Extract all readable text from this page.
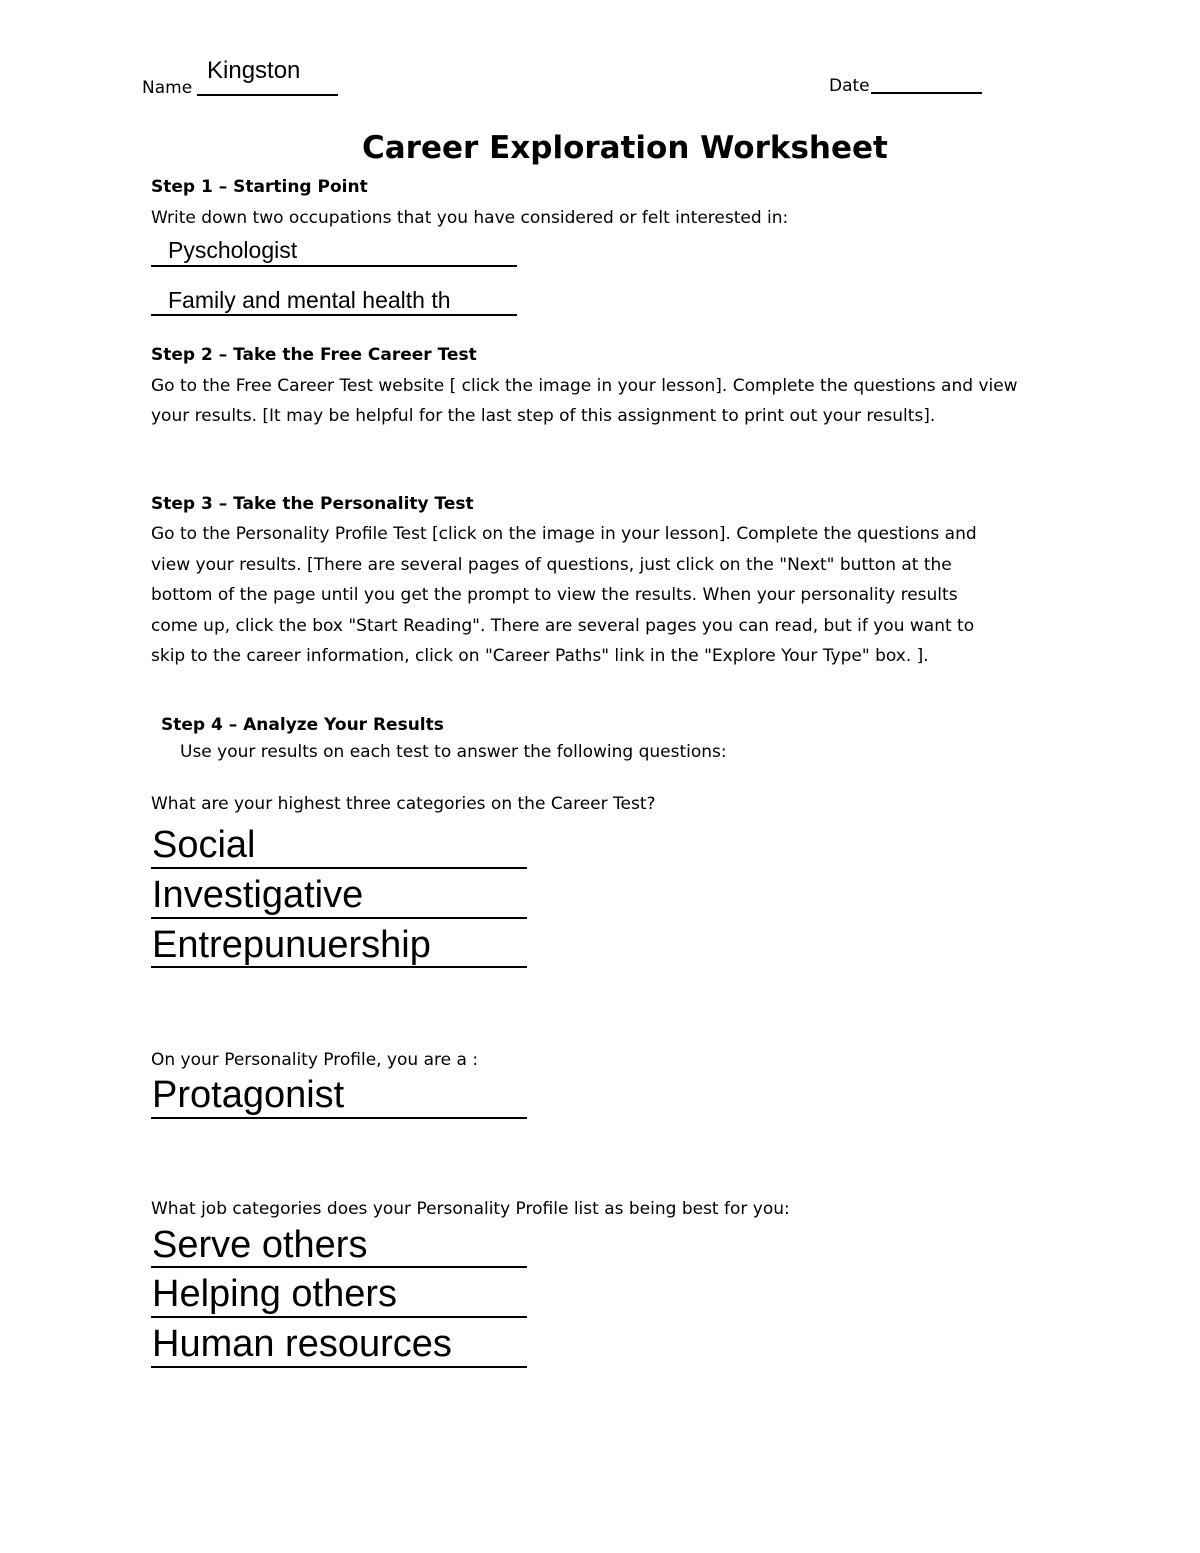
Name
Kingston
Date
Career Exploration Worksheet
Step 1 – Starting Point
Write down two occupations that you have considered or felt interested in:
Pyschologist
Family and mental health th
Step 2 – Take the Free Career Test
Go to the Free Career Test website [ click the image in your lesson]. Complete the questions and view
your results. [It may be helpful for the last step of this assignment to print out your results].
Step 3 – Take the Personality Test
Go to the Personality Profile Test [click on the image in your lesson]. Complete the questions and
view your results. [There are several pages of questions, just click on the "Next" button at the
bottom of the page until you get the prompt to view the results. When your personality results
come up, click the box "Start Reading". There are several pages you can read, but if you want to
skip to the career information, click on "Career Paths" link in the "Explore Your Type" box. ].
Step 4 – Analyze Your Results
Use your results on each test to answer the following questions:
What are your highest three categories on the Career Test?
Social
Investigative
Entrepunuership
On your Personality Profile, you are a :
Protagonist
What job categories does your Personality Profile list as being best for you:
Serve others
Helping others
Human resources
